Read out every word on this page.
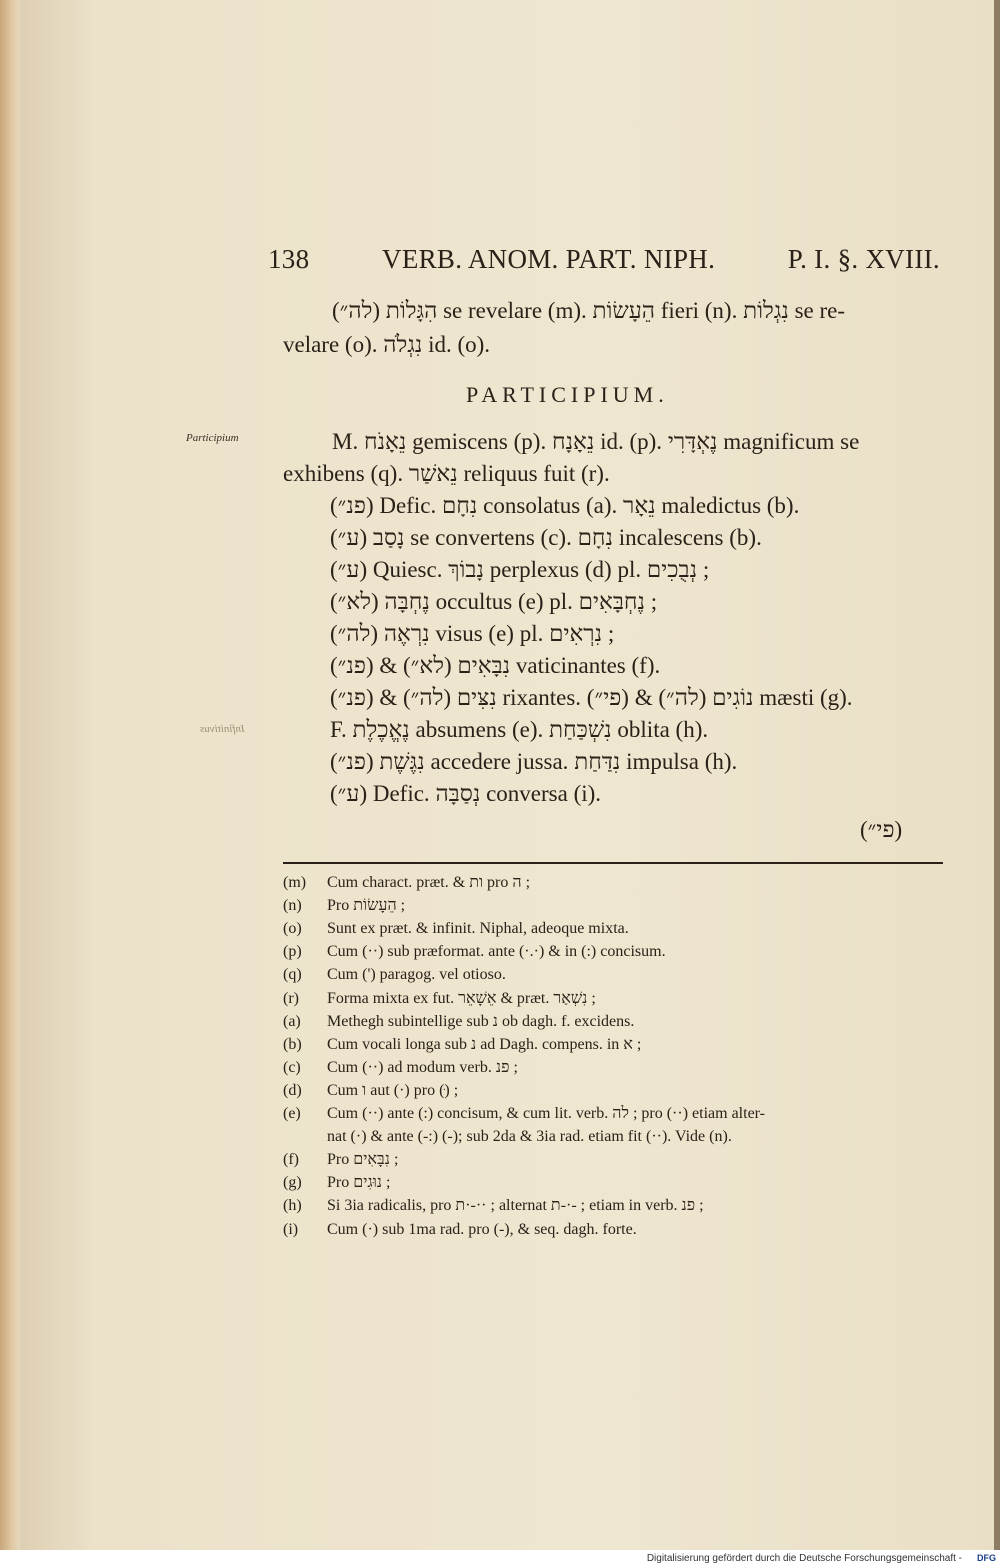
138	VERB. ANOM. PART. NIPH.	P. I. §. XVIII.
(לה״) הִגָּלוֹת se revelare (m). הֵעָשׂוֹת fieri (n). נִגְלוֹת se re-
velare (o). נִגְלֹה id. (o).
PARTICIPIUM.
Participium
Infinitivus
M. נֵאָנֹח gemiscens (p). נֵאָנָח id. (p). נֶאְדָּרִי magnificum se
exhibens (q). נֵאשַׁר reliquus fuit (r).
(פנ״) Defic. נִחָם consolatus (a). נֵאָר maledictus (b).
(ע״) נָסַב se convertens (c). נִחָם incalescens (b).
(ע״) Quiesc. נָבוֹךְ perplexus (d) pl. נְבֻכִים ;
(לא״) נֶחְבָּה occultus (e) pl. נֶחְבָּאִים ;
(לה״) נִרְאֶה visus (e) pl. נִרְאִים ;
(פנ״) & (לא״) נִבָּאִים vaticinantes (f).
(פנ״) & (לה״) נִצִּים rixantes. (פי״) & (לה״) נוֹגִים mæsti (g).
F. נֶאֱכֶלֶת absumens (e). נִשְׁכַּחַת oblita (h).
(פנ״) נִגֶּשֶׁת accedere jussa. נִדַּחַת impulsa (h).
(ע״) Defic. נְסַבָּה conversa (i).
(פי״)
(m) Cum charact. præt. & ות pro ה ;
(n) Pro הֵעָשׂוֹת ;
(o) Sunt ex præt. & infinit. Niphal, adeoque mixta.
(p) Cum (··) sub præformat. ante (·.·) & in (:) concisum.
(q) Cum (') paragog. vel otioso.
(r) Forma mixta ex fut. אֵשָׁאֵר & præt. נִשְׁאַר ;
(a) Methegh subintellige sub נ ob dagh. f. excidens.
(b) Cum vocali longa sub נ ad Dagh. compens. in א ;
(c) Cum (··) ad modum verb. פנ ;
(d) Cum ו aut (·) pro (ּ) ;
(e) Cum (··) ante (:) concisum, & cum lit. verb. לה ; pro (··) etiam alter-
nat (·) & ante (-:) (-); sub 2da & 3ia rad. etiam fit (··). Vide (n).
(f) Pro נִבָּאִים ;
(g) Pro נוּגִים ;
(h) Si 3ia radicalis, pro ת·-·· ; alternat ת-·- ; etiam in verb. פנ ;
(i) Cum (·) sub 1ma rad. pro (-), & seq. dagh. forte.
Digitalisierung gefördert durch die Deutsche Forschungsgemeinschaft - DFG
